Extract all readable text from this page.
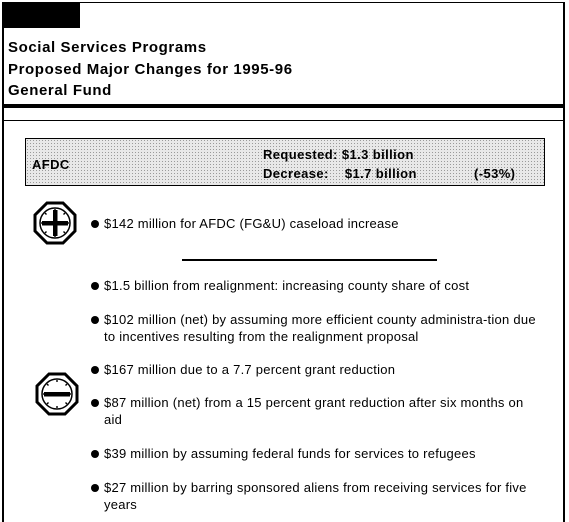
Social Services Programs
Proposed Major Changes for 1995-96
General Fund
AFDC
Requested: $1.3 billion
Decrease: $1.7 billion	(-53%)
$142 million for AFDC (FG&U) caseload increase
$1.5 billion from realignment: increasing county share of cost
$102 million (net) by assuming more efficient county administra-tion due to incentives resulting from the realignment proposal
$167 million due to a 7.7 percent grant reduction
$87 million (net) from a 15 percent grant reduction after six months on aid
$39 million by assuming federal funds for services to refugees
$27 million by barring sponsored aliens from receiving services for five years
